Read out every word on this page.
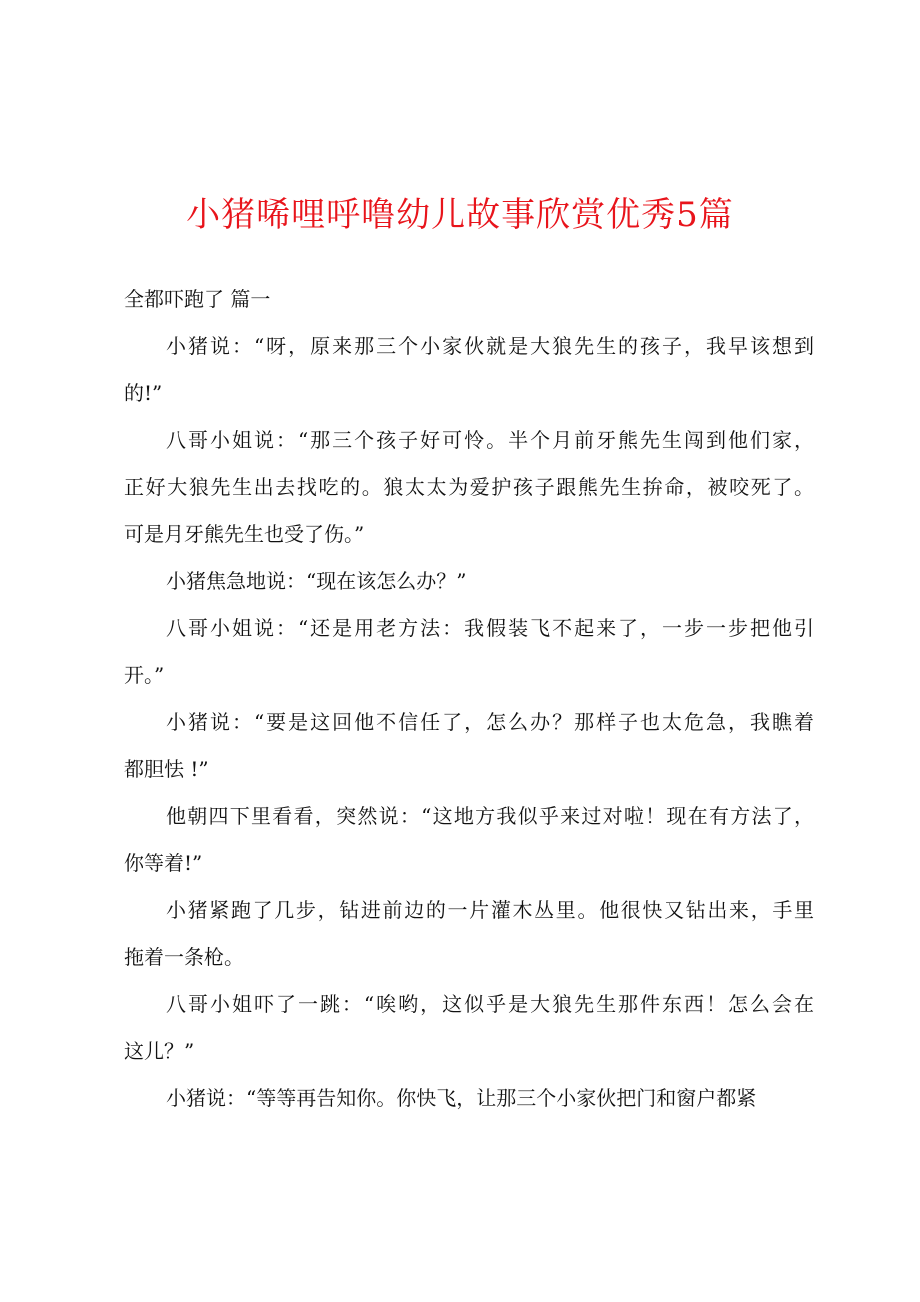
小猪唏哩呼噜幼儿故事欣赏优秀5篇
全都吓跑了 篇一
小猪说：“呀，原来那三个小家伙就是大狼先生的孩子，我早该想到
的!”
八哥小姐说：“那三个孩子好可怜。半个月前牙熊先生闯到他们家，
正好大狼先生出去找吃的。狼太太为爱护孩子跟熊先生拚命，被咬死了。
可是月牙熊先生也受了伤。”
小猪焦急地说：“现在该怎么办？”
八哥小姐说：“还是用老方法：我假装飞不起来了，一步一步把他引
开。”
小猪说：“要是这回他不信任了，怎么办？那样子也太危急，我瞧着
都胆怯 !”
他朝四下里看看，突然说：“这地方我似乎来过对啦！现在有方法了，
你等着!”
小猪紧跑了几步，钻进前边的一片灌木丛里。他很快又钻出来，手里
拖着一条枪。
八哥小姐吓了一跳：“唉哟，这似乎是大狼先生那件东西！怎么会在
这儿？”
小猪说：“等等再告知你。你快飞，让那三个小家伙把门和窗户都紧
